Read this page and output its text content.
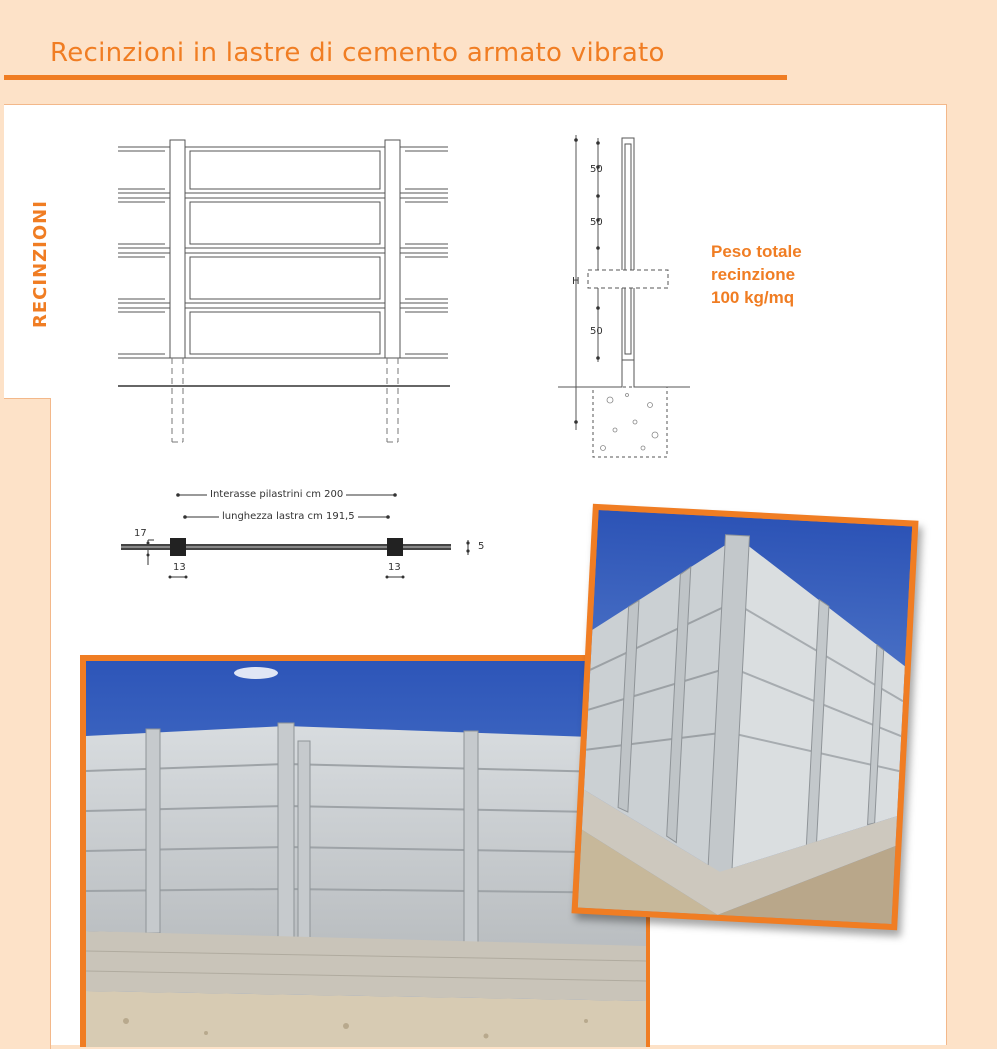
Recinzioni in lastre di cemento armato vibrato
RECINZIONI
50
50
50
H
Peso totale
recinzione
100 kg/mq
Interasse pilastrini cm 200
lunghezza lastra cm 191,5
17
5
13	13
